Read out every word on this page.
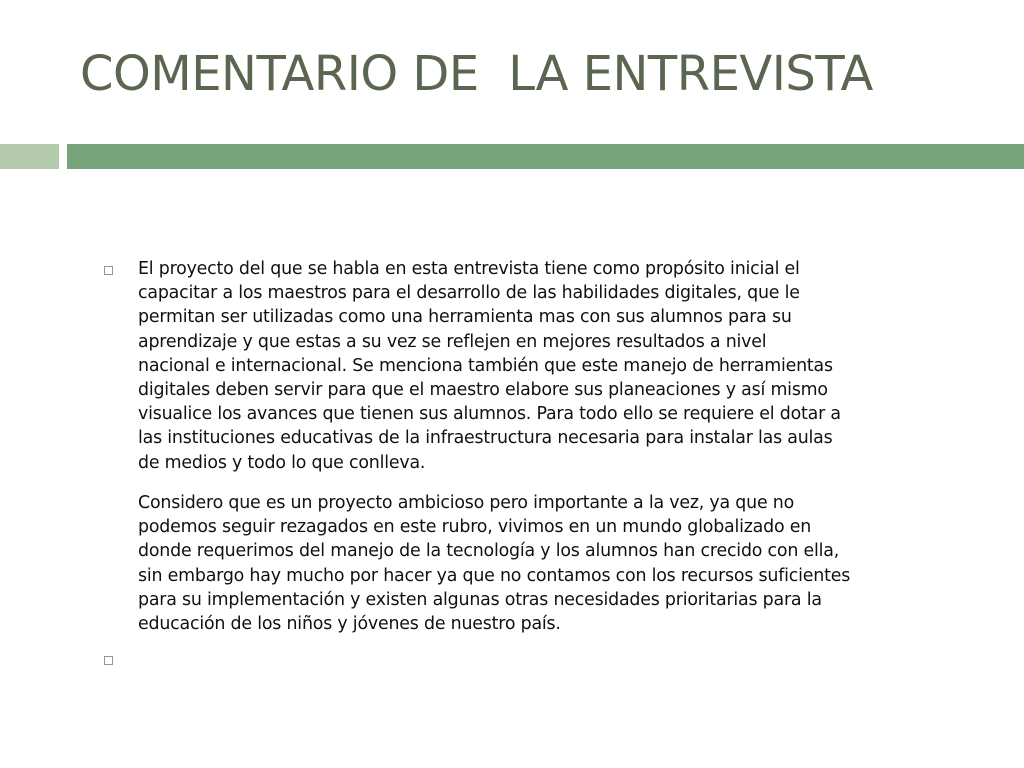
COMENTARIO DE  LA ENTREVISTA

El proyecto del que se habla en esta entrevista tiene como propósito inicial el
capacitar a los maestros para el desarrollo de las habilidades digitales, que le
permitan ser utilizadas como una herramienta mas con sus alumnos para su
aprendizaje y que estas a su vez se reflejen en mejores resultados a nivel
nacional e internacional. Se menciona también que este manejo de herramientas
digitales deben servir para que el maestro elabore sus planeaciones y así mismo
visualice los avances que tienen sus alumnos. Para todo ello se requiere el dotar a
las instituciones educativas de la infraestructura necesaria para instalar las aulas
de medios y todo lo que conlleva.

Considero que es un proyecto ambicioso pero importante a la vez, ya que no
podemos seguir rezagados en este rubro, vivimos en un mundo globalizado en
donde requerimos del manejo de la tecnología y los alumnos han crecido con ella,
sin embargo hay mucho por hacer ya que no contamos con los recursos suficientes
para su implementación y existen algunas otras necesidades prioritarias para la
educación de los niños y jóvenes de nuestro país.
